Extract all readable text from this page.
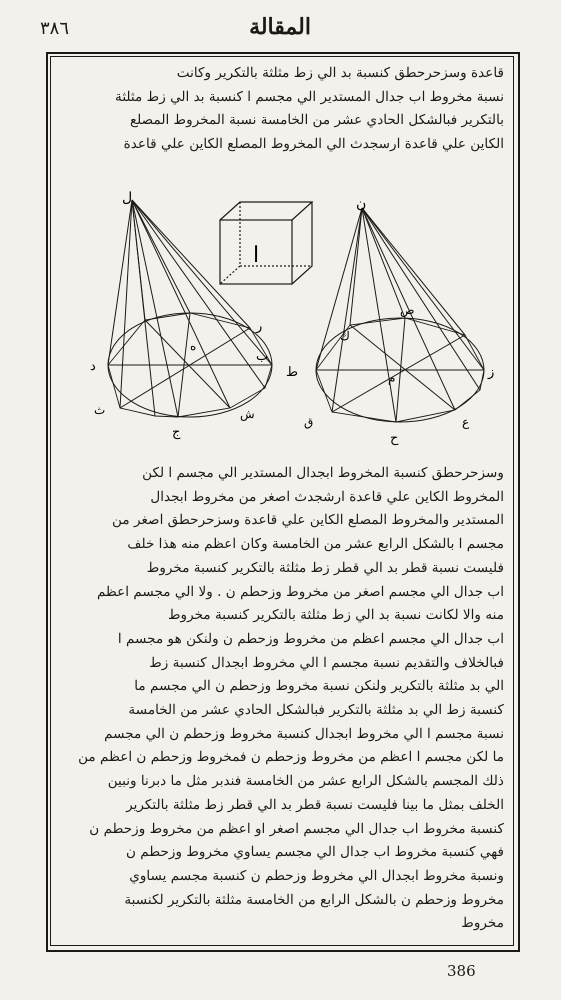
المقالة
٣٨٦

قاعدة وسزحرحطق كنسبة بد الي زط مثلثة بالتكرير وكانت

نسبة مخروط اب جدال المستدير الي مجسم ا كنسبة بد الي زط مثلثة

بالتكرير فبالشكل الحادي عشر من الخامسة نسبة المخروط المصلع

الكاين علي قاعدة ارسجدث الي المخروط المصلع الكاين علي قاعدة

ا
ل
د
ب
ج
ر
ه
ث	ش
ن
ط	ز
ح
ك
ص
م
ق	ع

وسزحرحطق كنسبة المخروط ابجدال المستدير الي مجسم ا لكن

المخروط الكاين علي قاعدة ارشجدث اصغر من مخروط ابجدال

المستدير والمخروط المصلع الكاين علي قاعدة وسزحرحطق اصغر من

مجسم ا بالشكل الرابع عشر من الخامسة وكان اعظم منه هذا خلف

فليست نسبة قطر بد الي قطر زط مثلثة بالتكرير كنسبة مخروط

اب جدال الي مجسم اصغر من مخروط وزحطم ن . ولا الي مجسم اعظم

منه والا لكانت نسبة بد الي زط مثلثة بالتكرير كنسبة مخروط

اب جدال الي مجسم اعظم من مخروط وزحطم ن ولنكن هو مجسم ا

فبالخلاف والتقديم نسبة مجسم ا الي مخروط ابجدال كنسبة زط

الي بد مثلثة بالتكرير ولنكن نسبة مخروط وزحطم ن الي مجسم ما

كنسبة زط الي بد مثلثة بالتكرير فبالشكل الحادي عشر من الخامسة

نسبة مجسم ا الي مخروط ابجدال كنسبة مخروط وزحطم ن الي مجسم

ما لكن مجسم ا اعظم من مخروط وزحطم ن فمخروط وزحطم ن اعظم من

ذلك المجسم بالشكل الرابع عشر من الخامسة فندبر مثل ما دبرنا ونبين

الخلف بمثل ما بينا فليست نسبة قطر بد الي قطر زط مثلثة بالتكرير

كنسبة مخروط اب جدال الي مجسم اصغر او اعظم من مخروط وزحطم ن

فهي كنسبة مخروط اب جدال الي مجسم يساوي مخروط وزحطم ن

ونسبة مخروط ابجدال الي مخروط وزحطم ن كنسبة مجسم يساوي

مخروط وزحطم ن بالشكل الرابع من الخامسة مثلثة بالتكرير لكنسبة

مخروط

386
